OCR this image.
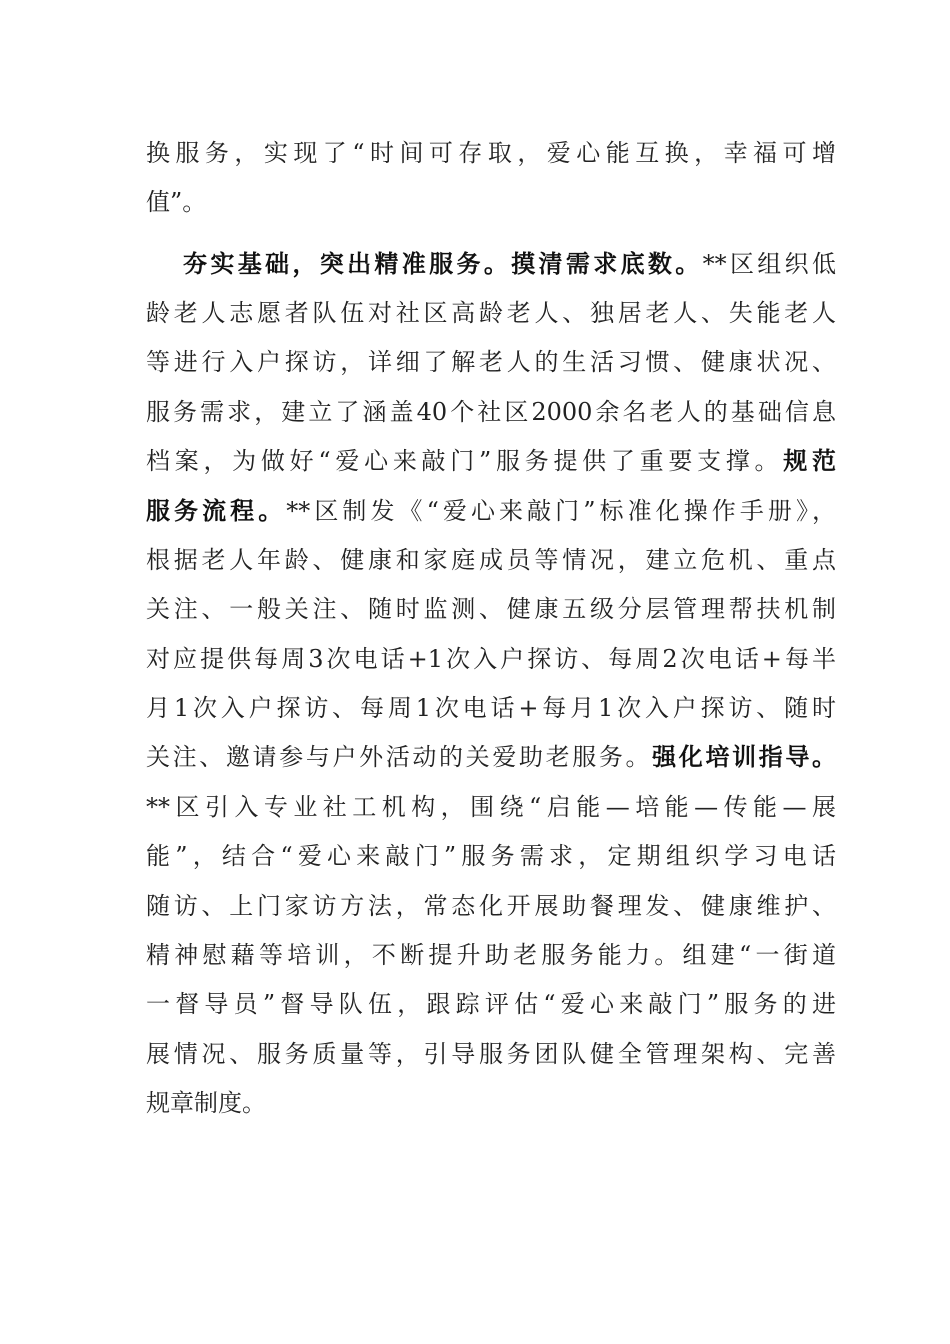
换服务，实现了“时间可存取，爱心能互换，幸福可增
值”。
夯实基础，突出精准服务。摸清需求底数。**区组织低
龄老人志愿者队伍对社区高龄老人、独居老人、失能老人
等进行入户探访，详细了解老人的生活习惯、健康状况、
服务需求，建立了涵盖40个社区2000余名老人的基础信息
档案，为做好“爱心来敲门”服务提供了重要支撑。规范
服务流程。**区制发《“爱心来敲门”标准化操作手册》，
根据老人年龄、健康和家庭成员等情况，建立危机、重点
关注、一般关注、随时监测、健康五级分层管理帮扶机制
对应提供每周3次电话+1次入户探访、每周2次电话+每半
月1次入户探访、每周1次电话+每月1次入户探访、随时
关注、邀请参与户外活动的关爱助老服务。强化培训指导。
**区引入专业社工机构，围绕“启能—培能—传能—展
能”，结合“爱心来敲门”服务需求，定期组织学习电话
随访、上门家访方法，常态化开展助餐理发、健康维护、
精神慰藉等培训，不断提升助老服务能力。组建“一街道
一督导员”督导队伍，跟踪评估“爱心来敲门”服务的进
展情况、服务质量等，引导服务团队健全管理架构、完善
规章制度。
